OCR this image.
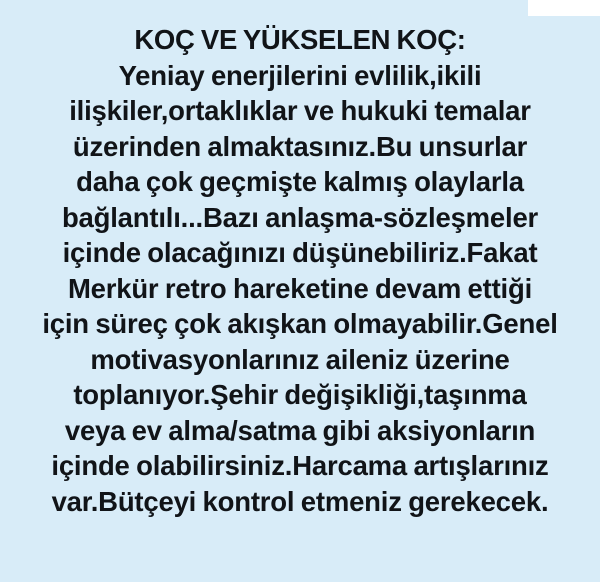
KOÇ VE YÜKSELEN KOÇ:
Yeniay enerjilerini evlilik,ikili
ilişkiler,ortaklıklar ve hukuki temalar
üzerinden almaktasınız.Bu unsurlar
daha çok geçmişte kalmış olaylarla
bağlantılı...Bazı anlaşma-sözleşmeler
içinde olacağınızı düşünebiliriz.Fakat
Merkür retro hareketine devam ettiği
için süreç çok akışkan olmayabilir.Genel
motivasyonlarınız aileniz üzerine
toplanıyor.Şehir değişikliği,taşınma
veya ev alma/satma gibi aksiyonların
içinde olabilirsiniz.Harcama artışlarınız
var.Bütçeyi kontrol etmeniz gerekecek.
